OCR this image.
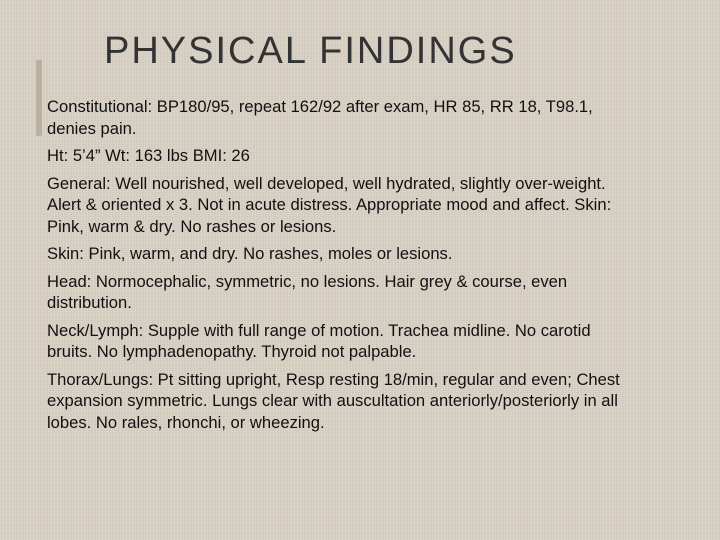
PHYSICAL FINDINGS
Constitutional: BP180/95, repeat 162/92 after exam, HR 85, RR 18, T98.1, denies pain.
Ht: 5’4” Wt: 163 lbs BMI: 26
General: Well nourished, well developed, well hydrated, slightly over-weight. Alert & oriented x 3. Not in acute distress. Appropriate mood and affect. Skin: Pink, warm & dry. No rashes or lesions.
Skin: Pink, warm, and dry. No rashes, moles or lesions.
Head: Normocephalic, symmetric, no lesions. Hair grey & course, even distribution.
Neck/Lymph: Supple with full range of motion. Trachea midline. No carotid bruits. No lymphadenopathy. Thyroid not palpable.
Thorax/Lungs: Pt sitting upright, Resp resting 18/min, regular and even; Chest expansion symmetric. Lungs clear with auscultation anteriorly/posteriorly in all lobes. No rales, rhonchi, or wheezing.
